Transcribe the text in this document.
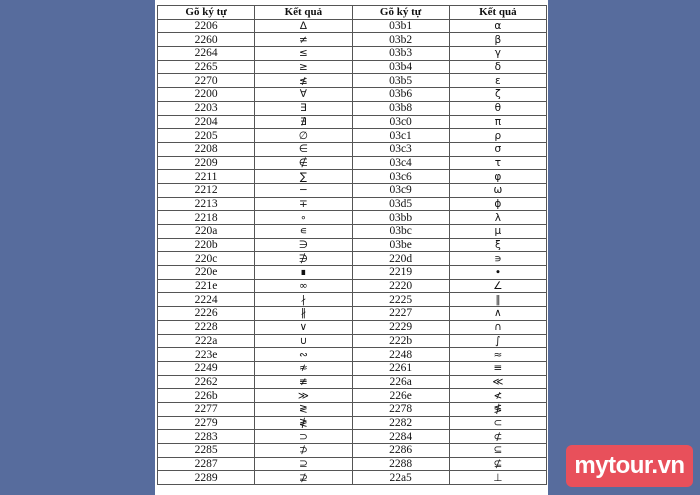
Gõ ký tự	Kết quả	Gõ ký tự	Kết quả
2206	∆	03b1	α
2260	≠	03b2	β
2264	≤	03b3	γ
2265	≥	03b4	δ
2270	≰	03b5	ε
2200	∀	03b6	ζ
2203	∃	03b8	θ
2204	∄	03c0	π
2205	∅	03c1	ρ
2208	∈	03c3	σ
2209	∉	03c4	τ
2211	∑	03c6	φ
2212	−	03c9	ω
2213	∓	03d5	ϕ
2218	∘	03bb	λ
220a	∊	03bc	μ
220b	∋	03be	ξ
220c	∌	220d	∍
220e	∎	2219	∙
221e	∞	2220	∠
2224	∤	2225	∥
2226	∦	2227	∧
2228	∨	2229	∩
222a	∪	222b	∫
223e	∾	2248	≈
2249	≉	2261	≡
2262	≢	226a	≪
226b	≫	226e	≮
2277	≷	2278	≸
2279	≹	2282	⊂
2283	⊃	2284	⊄
2285	⊅	2286	⊆
2287	⊇	2288	⊈
2289	⊉	22a5	⊥	mytour.vn
